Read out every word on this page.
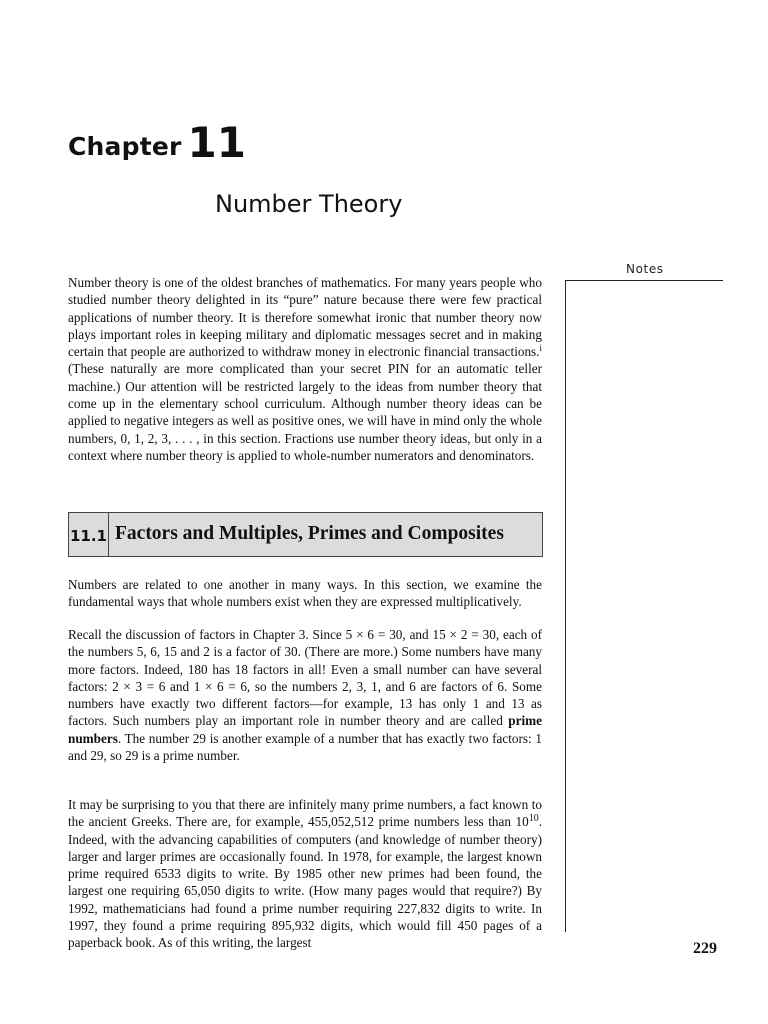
Chapter 11
Number Theory
Notes

Number theory is one of the oldest branches of mathematics. For many years people who studied number theory delighted in its “pure” nature because there were few practical applications of number theory. It is therefore somewhat ironic that number theory now plays important roles in keeping military and diplomatic messages secret and in making certain that people are authorized to withdraw money in electronic financial transactions.$^i$ (These naturally are more complicated than your secret PIN for an automatic teller machine.) Our attention will be restricted largely to the ideas from number theory that come up in the elementary school curriculum. Although number theory ideas can be applied to negative integers as well as positive ones, we will have in mind only the whole numbers, 0, 1, 2, 3, . . . , in this section. Fractions use number theory ideas, but only in a context where number theory is applied to whole-number numerators and denominators.

11.1 Factors and Multiples, Primes and Composites

Numbers are related to one another in many ways. In this section, we examine the fundamental ways that whole numbers exist when they are expressed multiplicatively.

Recall the discussion of factors in Chapter 3. Since 5 × 6 = 30, and 15 × 2 = 30, each of the numbers 5, 6, 15 and 2 is a factor of 30. (There are more.) Some numbers have many more factors. Indeed, 180 has 18 factors in all! Even a small number can have several factors: 2 × 3 = 6 and 1 × 6 = 6, so the numbers 2, 3, 1, and 6 are factors of 6. Some numbers have exactly two different factors—for example, 13 has only 1 and 13 as factors. Such numbers play an important role in number theory and are called prime numbers. The number 29 is another example of a number that has exactly two factors: 1 and 29, so 29 is a prime number.

It may be surprising to you that there are infinitely many prime numbers, a fact known to the ancient Greeks. There are, for example, 455,052,512 prime numbers less than $10^{10}$. Indeed, with the advancing capabilities of computers (and knowledge of number theory) larger and larger primes are occasionally found. In 1978, for example, the largest known prime required 6533 digits to write. By 1985 other new primes had been found, the largest one requiring 65,050 digits to write. (How many pages would that require?) By 1992, mathematicians had found a prime number requiring 227,832 digits to write. In 1997, they found a prime requiring 895,932 digits, which would fill 450 pages of a paperback book. As of this writing, the largest	229
